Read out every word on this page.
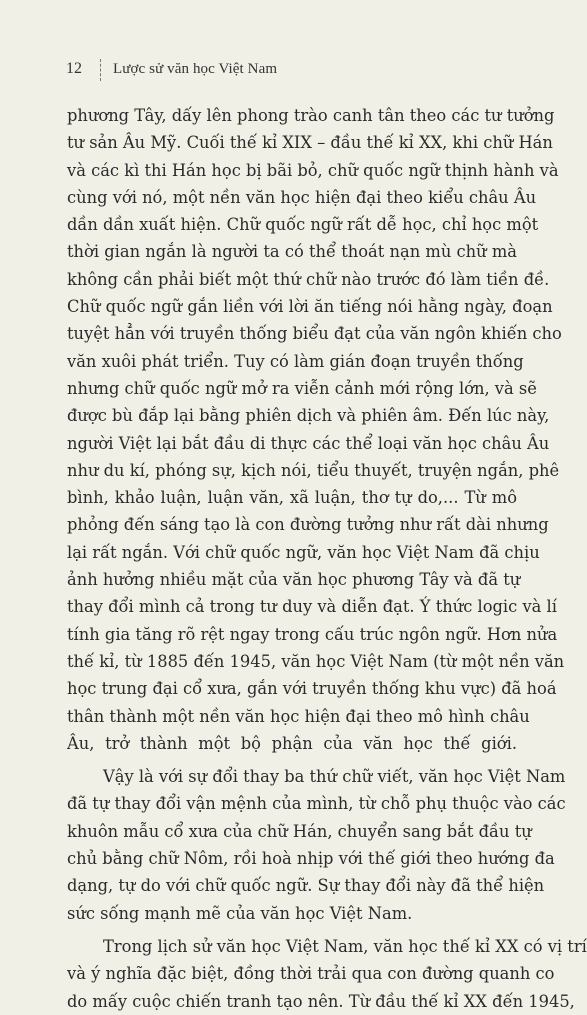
12	Lược sử văn học Việt Nam

phương Tây, dấy lên phong trào canh tân theo các tư tưởng
tư sản Âu Mỹ. Cuối thế kỉ XIX – đầu thế kỉ XX, khi chữ Hán
và các kì thi Hán học bị bãi bỏ, chữ quốc ngữ thịnh hành và
cùng với nó, một nền văn học hiện đại theo kiểu châu Âu
dần dần xuất hiện. Chữ quốc ngữ rất dễ học, chỉ học một
thời gian ngắn là người ta có thể thoát nạn mù chữ mà
không cần phải biết một thứ chữ nào trước đó làm tiền đề.
Chữ quốc ngữ gắn liền với lời ăn tiếng nói hằng ngày, đoạn
tuyệt hẳn với truyền thống biểu đạt của văn ngôn khiến cho
văn xuôi phát triển. Tuy có làm gián đoạn truyền thống
nhưng chữ quốc ngữ mở ra viễn cảnh mới rộng lớn, và sẽ
được bù đắp lại bằng phiên dịch và phiên âm. Đến lúc này,
người Việt lại bắt đầu di thực các thể loại văn học châu Âu
như du kí, phóng sự, kịch nói, tiểu thuyết, truyện ngắn, phê
bình, khảo luận, luận văn, xã luận, thơ tự do,... Từ mô
phỏng đến sáng tạo là con đường tưởng như rất dài nhưng
lại rất ngắn. Với chữ quốc ngữ, văn học Việt Nam đã chịu
ảnh hưởng nhiều mặt của văn học phương Tây và đã tự
thay đổi mình cả trong tư duy và diễn đạt. Ý thức logic và lí
tính gia tăng rõ rệt ngay trong cấu trúc ngôn ngữ. Hơn nửa
thế kỉ, từ 1885 đến 1945, văn học Việt Nam (từ một nền văn
học trung đại cổ xưa, gắn với truyền thống khu vực) đã hoá
thân thành một nền văn học hiện đại theo mô hình châu
Âu, trở thành một bộ phận của văn học thế giới.

Vậy là với sự đổi thay ba thứ chữ viết, văn học Việt Nam
đã tự thay đổi vận mệnh của mình, từ chỗ phụ thuộc vào các
khuôn mẫu cổ xưa của chữ Hán, chuyển sang bắt đầu tự
chủ bằng chữ Nôm, rồi hoà nhịp với thế giới theo hướng đa
dạng, tự do với chữ quốc ngữ. Sự thay đổi này đã thể hiện
sức sống mạnh mẽ của văn học Việt Nam.

Trong lịch sử văn học Việt Nam, văn học thế kỉ XX có vị trí
và ý nghĩa đặc biệt, đồng thời trải qua con đường quanh co
do mấy cuộc chiến tranh tạo nên. Từ đầu thế kỉ XX đến 1945,
